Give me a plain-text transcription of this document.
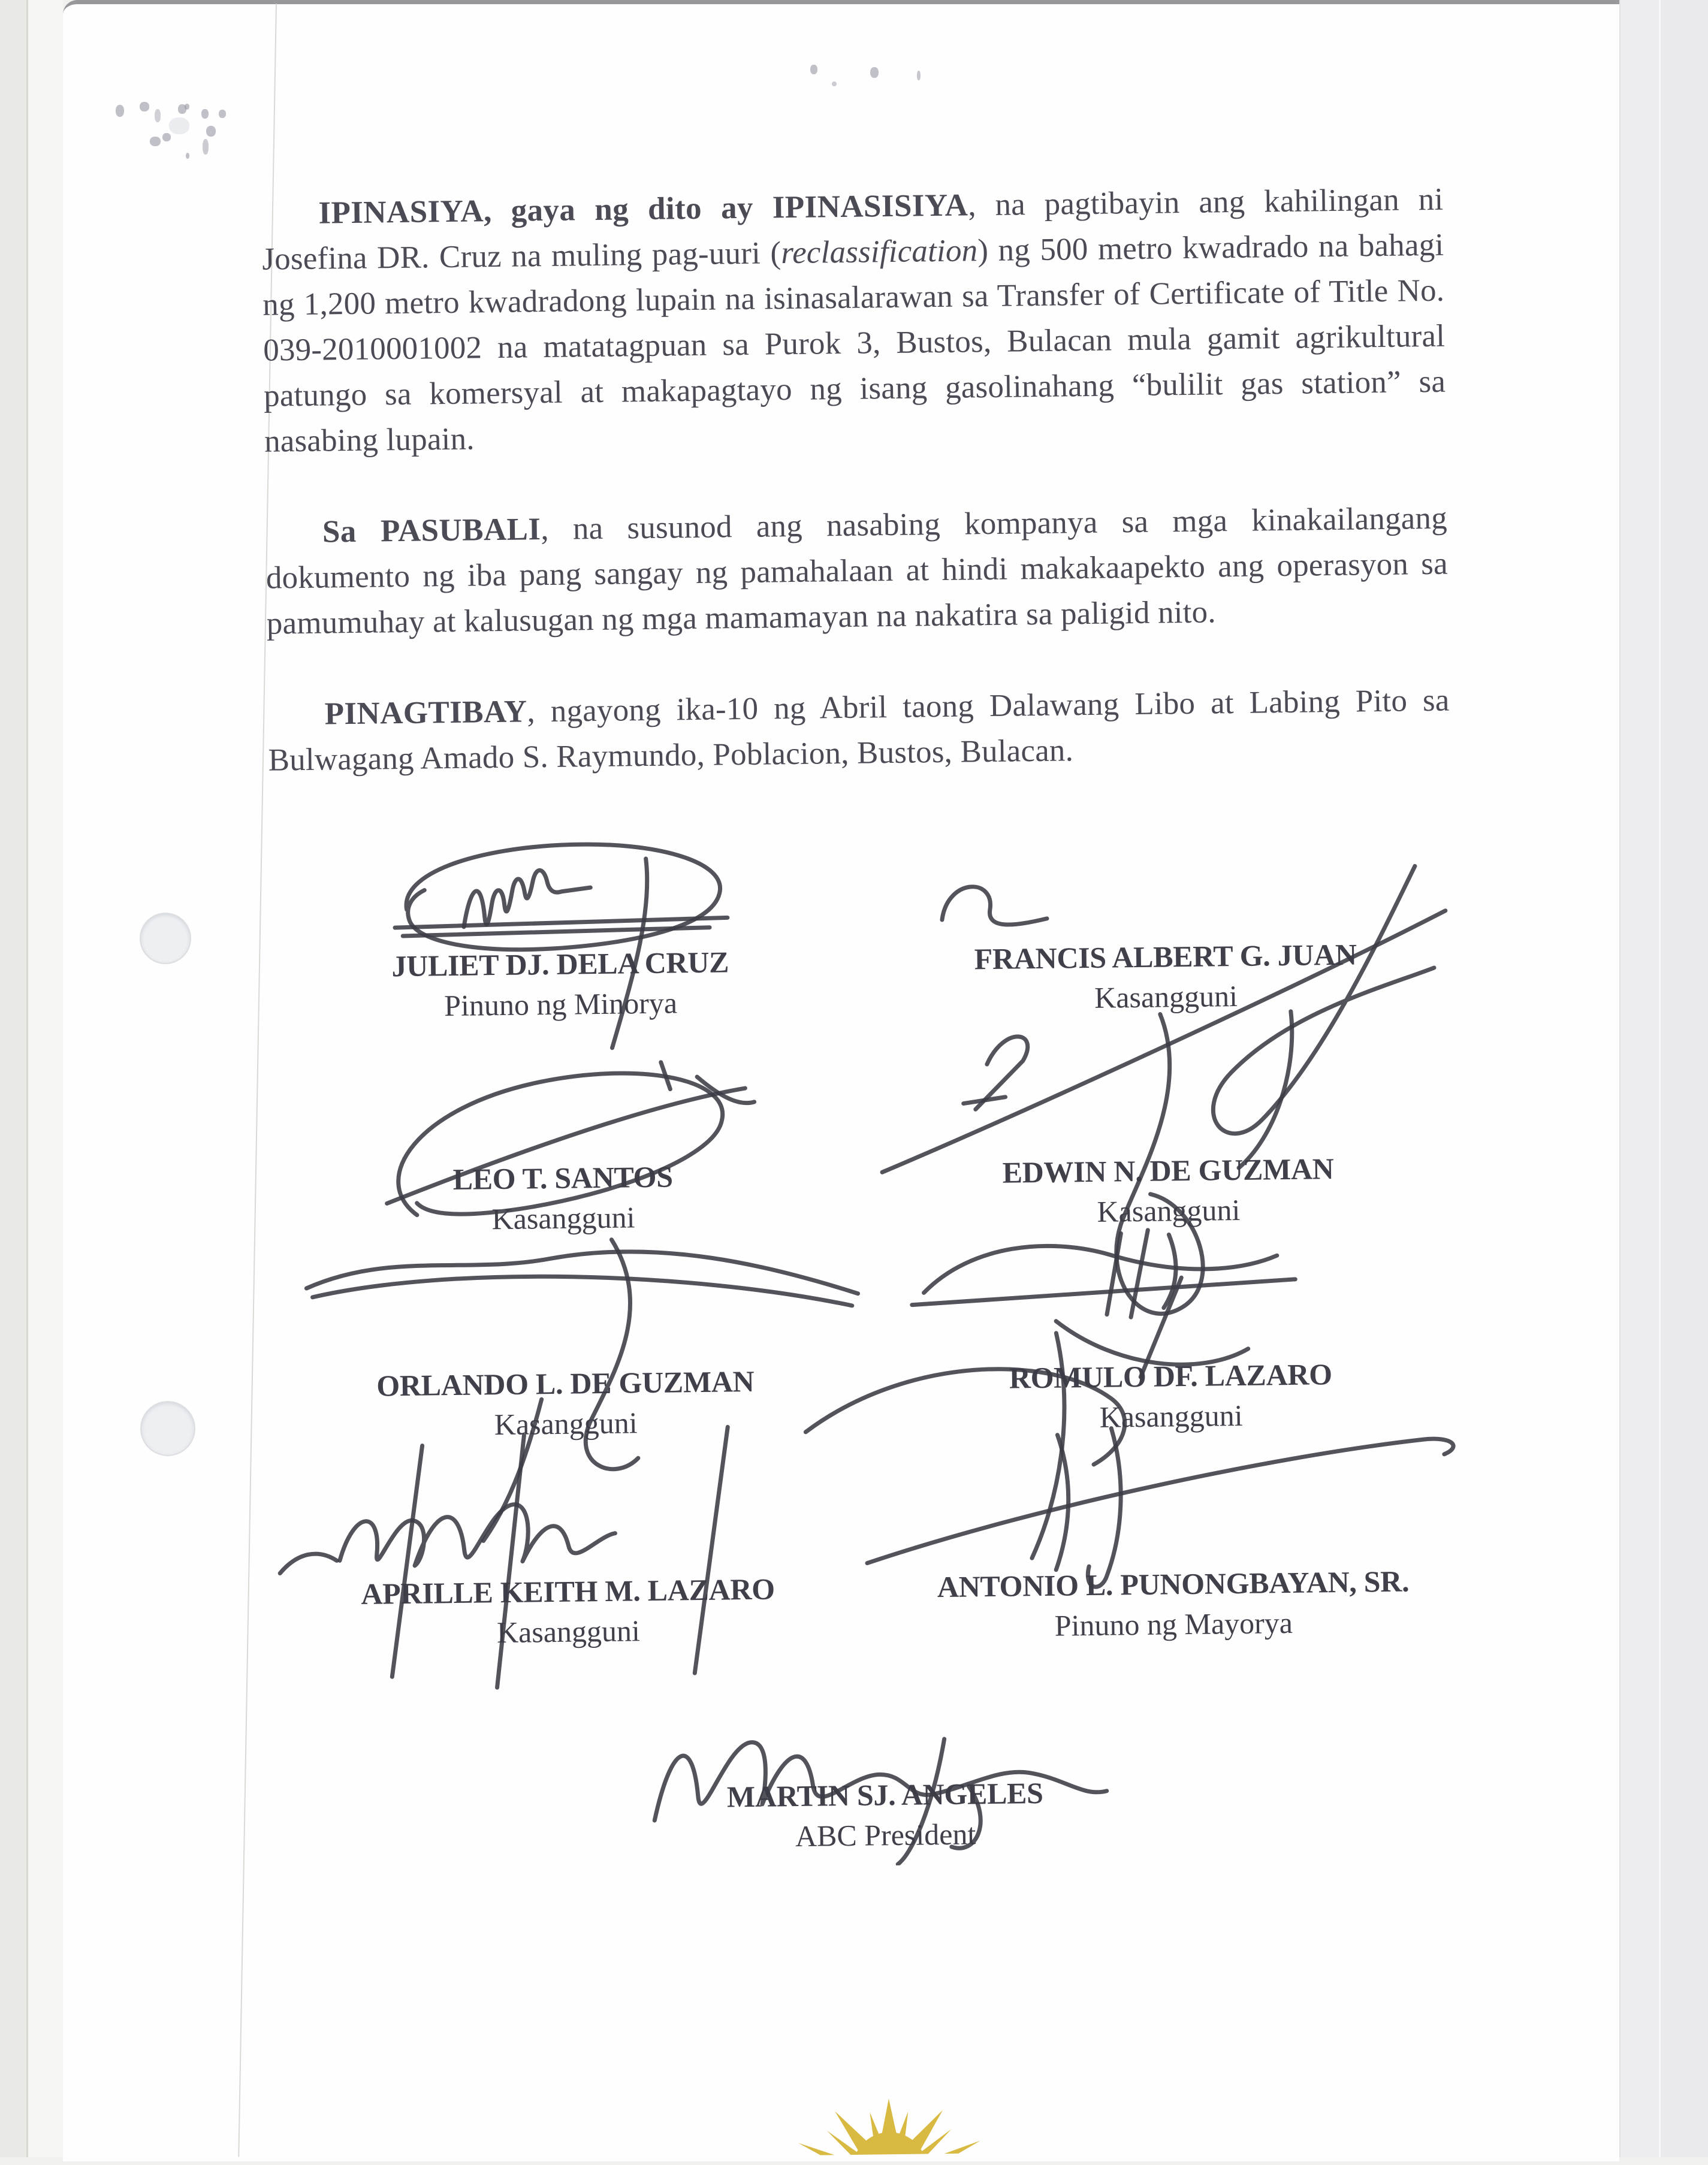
IPINASIYA, gaya ng dito ay IPINASISIYA, na pagtibayin ang kahilingan ni Josefina DR. Cruz na muling pag-uuri (reclassification) ng 500 metro kwadrado na bahagi ng 1,200 metro kwadradong lupain na isinasalarawan sa Transfer of Certificate of Title No. 039-2010001002 na matatagpuan sa Purok 3, Bustos, Bulacan mula gamit agrikultural patungo sa komersyal at makapagtayo ng isang gasolinahang “bulilit gas station” sa nasabing lupain.

Sa PASUBALI, na susunod ang nasabing kompanya sa mga kinakailangang dokumento ng iba pang sangay ng pamahalaan at hindi makakaapekto ang operasyon sa pamumuhay at kalusugan ng mga mamamayan na nakatira sa paligid nito.

PINAGTIBAY, ngayong ika-10 ng Abril taong Dalawang Libo at Labing Pito sa Bulwagang Amado S. Raymundo, Poblacion, Bustos, Bulacan.

JULIET DJ. DELA CRUZ
Pinuno ng Minorya
FRANCIS ALBERT G. JUAN
Kasangguni
LEO T. SANTOS
Kasangguni
EDWIN N. DE GUZMAN
Kasangguni
ORLANDO L. DE GUZMAN
Kasangguni
ROMULO DF. LAZARO
Kasangguni
APRILLE KEITH M. LAZARO
Kasangguni
ANTONIO L. PUNONGBAYAN, SR.
Pinuno ng Mayorya
MARTIN SJ. ANGELES
ABC President
